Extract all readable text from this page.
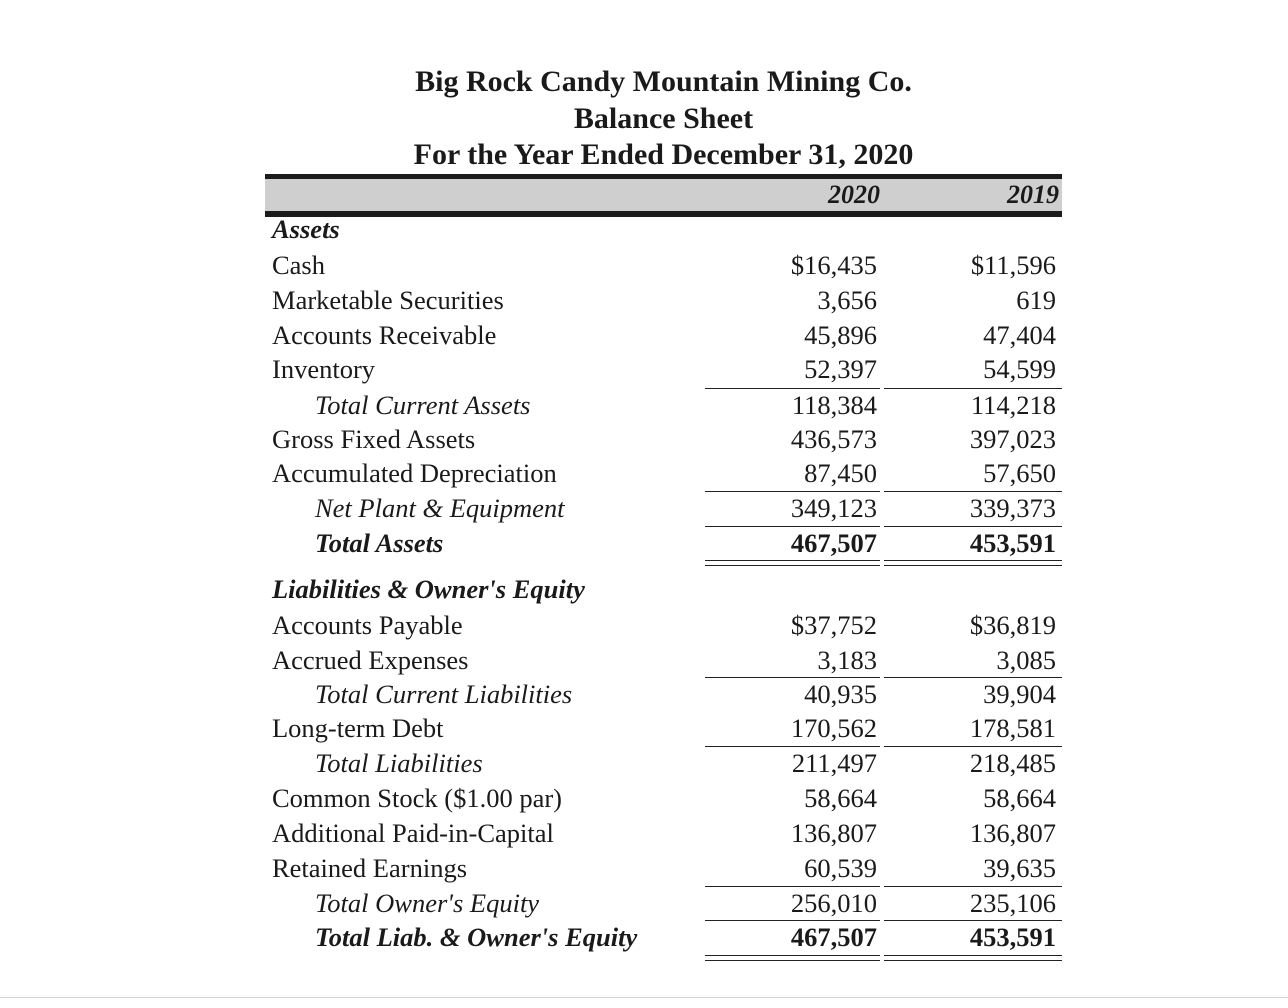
Big Rock Candy Mountain Mining Co.
Balance Sheet
For the Year Ended December 31, 2020
2020	2019
Assets
Cash	$16,435	$11,596
Marketable Securities	3,656	619
Accounts Receivable	45,896	47,404
Inventory	52,397	54,599
Total Current Assets	118,384	114,218
Gross Fixed Assets	436,573	397,023
Accumulated Depreciation	87,450	57,650
Net Plant & Equipment	349,123	339,373
Total Assets	467,507	453,591
Liabilities & Owner's Equity
Accounts Payable	$37,752	$36,819
Accrued Expenses	3,183	3,085
Total Current Liabilities	40,935	39,904
Long-term Debt	170,562	178,581
Total Liabilities	211,497	218,485
Common Stock ($1.00 par)	58,664	58,664
Additional Paid-in-Capital	136,807	136,807
Retained Earnings	60,539	39,635
Total Owner's Equity	256,010	235,106
Total Liab. & Owner's Equity	467,507	453,591
